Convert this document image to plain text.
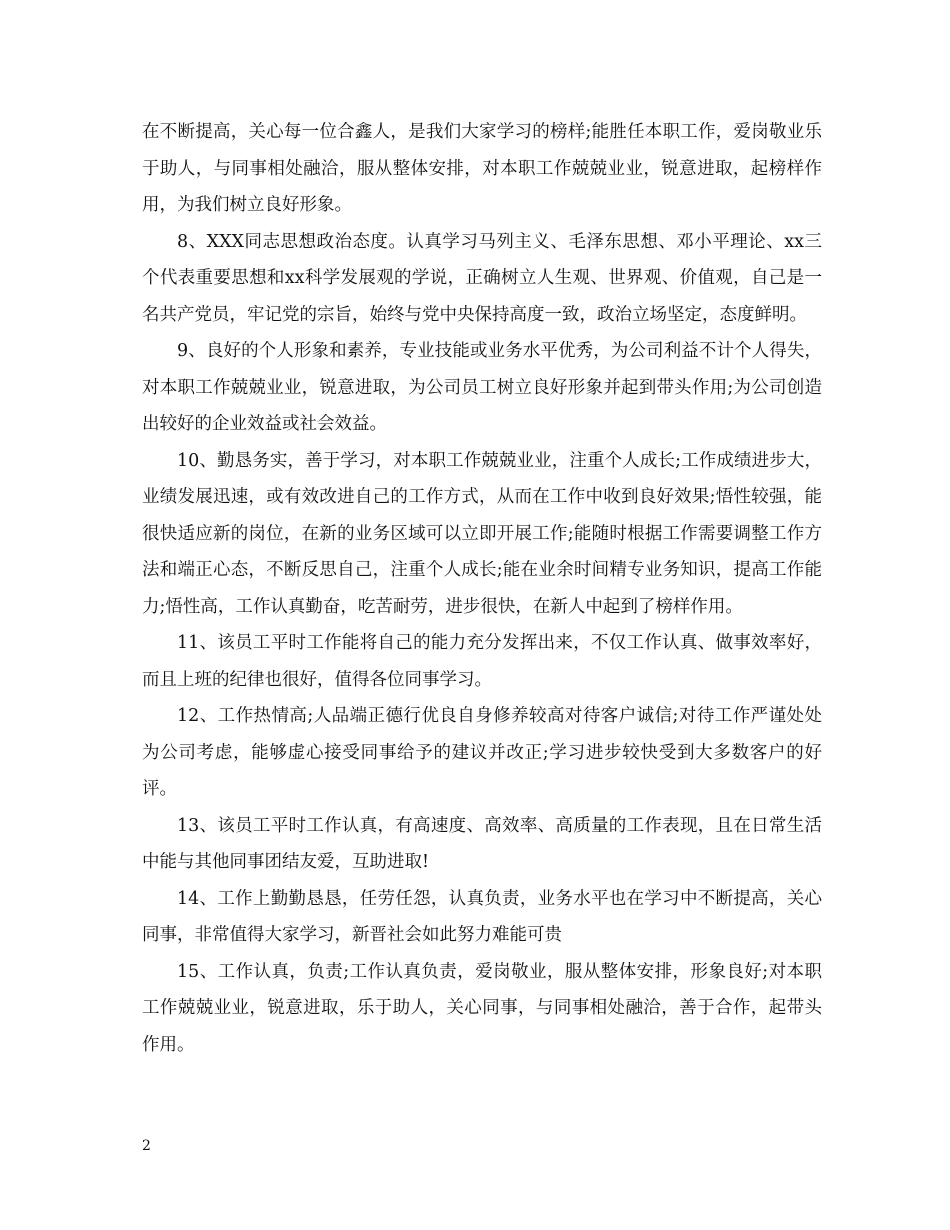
在不断提高，关心每一位合鑫人，是我们大家学习的榜样;能胜任本职工作，爱岗敬业乐于助人，与同事相处融洽，服从整体安排，对本职工作兢兢业业，锐意进取，起榜样作用，为我们树立良好形象。

8、XXX同志思想政治态度。认真学习马列主义、毛泽东思想、邓小平理论、xx三个代表重要思想和xx科学发展观的学说，正确树立人生观、世界观、价值观，自己是一名共产党员，牢记党的宗旨，始终与党中央保持高度一致，政治立场坚定，态度鲜明。

9、良好的个人形象和素养，专业技能或业务水平优秀，为公司利益不计个人得失，对本职工作兢兢业业，锐意进取，为公司员工树立良好形象并起到带头作用;为公司创造出较好的企业效益或社会效益。

10、勤恳务实，善于学习，对本职工作兢兢业业，注重个人成长;工作成绩进步大，业绩发展迅速，或有效改进自己的工作方式，从而在工作中收到良好效果;悟性较强，能很快适应新的岗位，在新的业务区域可以立即开展工作;能随时根据工作需要调整工作方法和端正心态，不断反思自己，注重个人成长;能在业余时间精专业务知识，提高工作能力;悟性高，工作认真勤奋，吃苦耐劳，进步很快，在新人中起到了榜样作用。

11、该员工平时工作能将自己的能力充分发挥出来，不仅工作认真、做事效率好，而且上班的纪律也很好，值得各位同事学习。

12、工作热情高;人品端正德行优良自身修养较高对待客户诚信;对待工作严谨处处为公司考虑，能够虚心接受同事给予的建议并改正;学习进步较快受到大多数客户的好评。

13、该员工平时工作认真，有高速度、高效率、高质量的工作表现，且在日常生活中能与其他同事团结友爱，互助进取!

14、工作上勤勤恳恳，任劳任怨，认真负责，业务水平也在学习中不断提高，关心同事，非常值得大家学习，新晋社会如此努力难能可贵

15、工作认真，负责;工作认真负责，爱岗敬业，服从整体安排，形象良好;对本职工作兢兢业业，锐意进取，乐于助人，关心同事，与同事相处融洽，善于合作，起带头作用。

2
